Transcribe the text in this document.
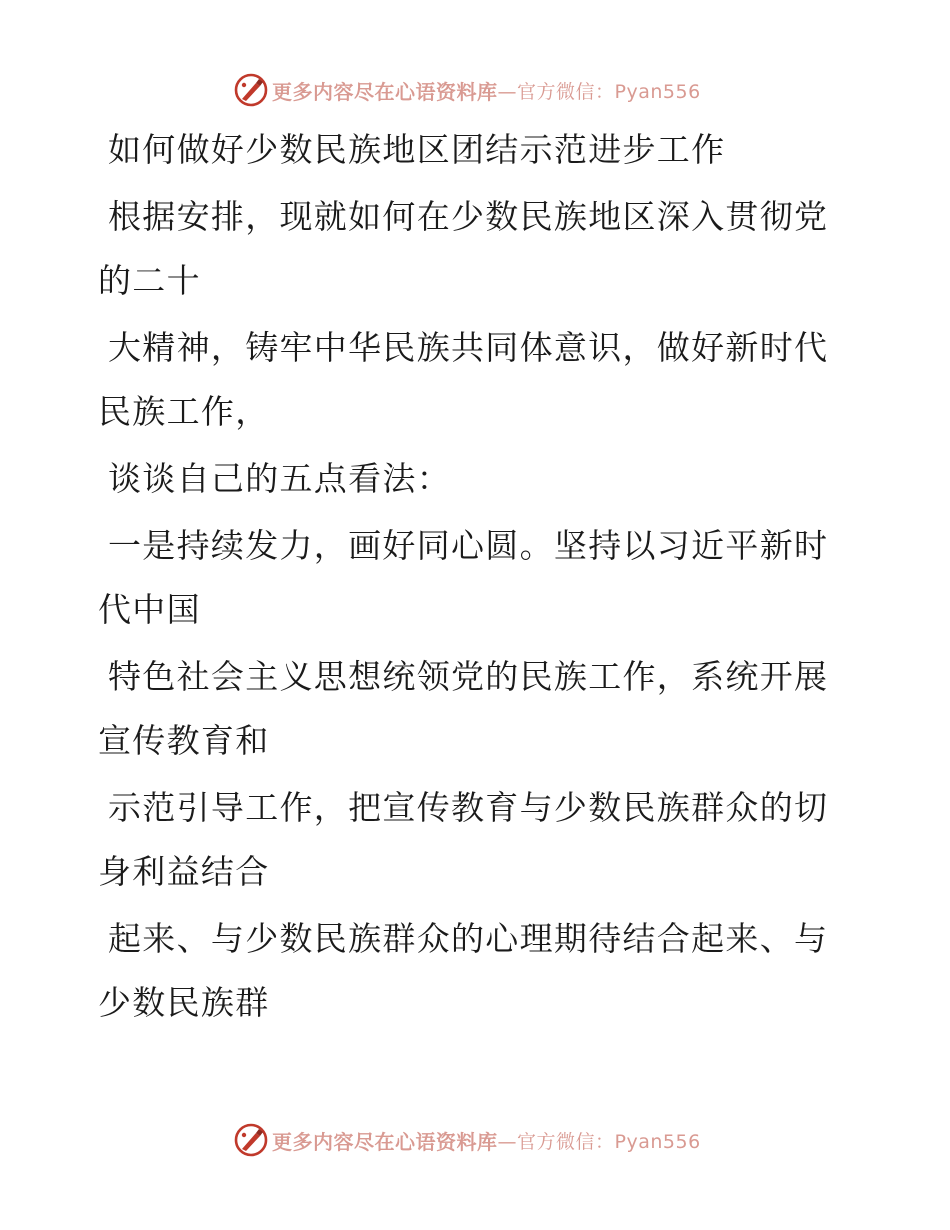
更多内容尽在心语资料库 —官方微信：Pyan556

如何做好少数民族地区团结示范进步工作

根据安排，现就如何在少数民族地区深入贯彻党
的二十

大精神，铸牢中华民族共同体意识，做好新时代
民族工作，

谈谈自己的五点看法：

一是持续发力，画好同心圆。坚持以习近平新时
代中国

特色社会主义思想统领党的民族工作，系统开展
宣传教育和

示范引导工作，把宣传教育与少数民族群众的切
身利益结合

起来、与少数民族群众的心理期待结合起来、与
少数民族群

更多内容尽在心语资料库 —官方微信：Pyan556
